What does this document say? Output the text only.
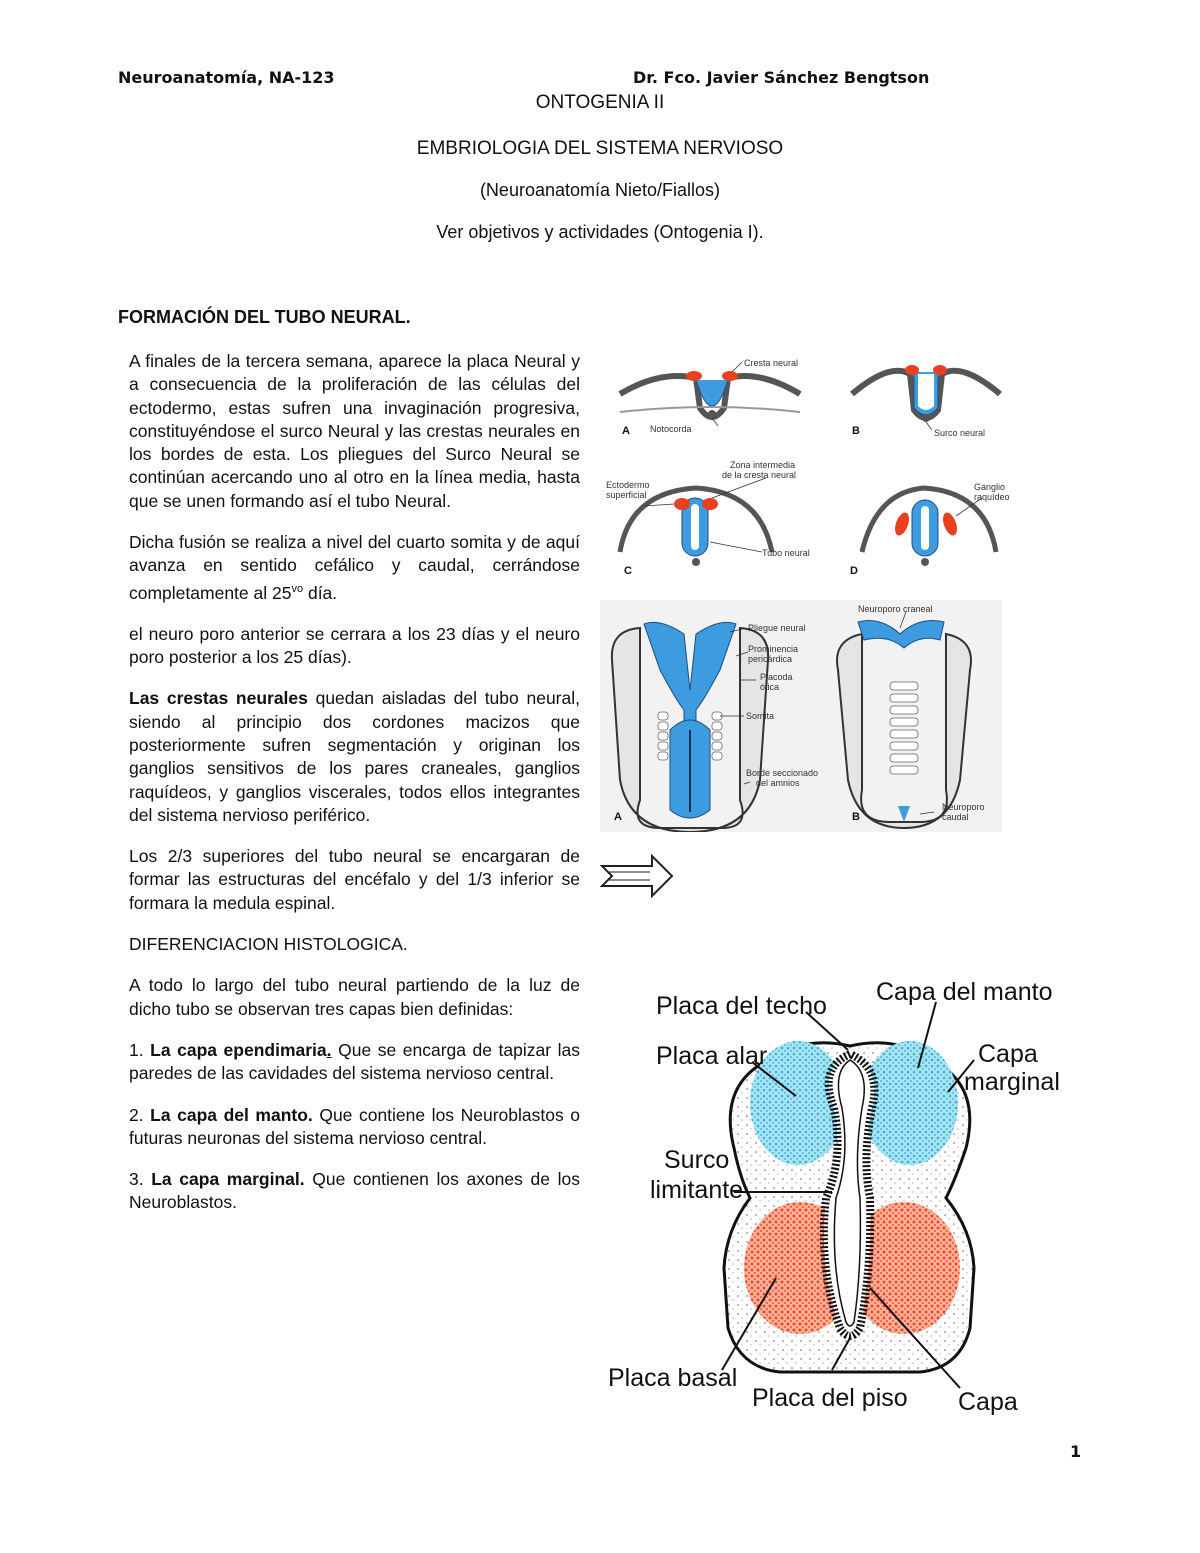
Neuroanatomía, NA-123	Dr. Fco. Javier Sánchez Bengtson
ONTOGENIA II
EMBRIOLOGIA DEL SISTEMA NERVIOSO
(Neuroanatomía Nieto/Fiallos)
Ver objetivos y actividades (Ontogenia I).
FORMACIÓN DEL TUBO NEURAL.

A finales de la tercera semana, aparece la placa Neural y a consecuencia de la proliferación de las células del ectodermo, estas sufren una invaginación progresiva, constituyéndose el surco Neural y las crestas neurales en los bordes de esta. Los pliegues del Surco Neural se continúan acercando uno al otro en la línea media, hasta que se unen formando así el tubo Neural.

Dicha fusión se realiza a nivel del cuarto somita y de aquí avanza en sentido cefálico y caudal, cerrándose completamente al $25^{vo}$ día.

el neuro poro anterior se cerrara a los 23 días y el neuro poro posterior a los 25 días).

Las crestas neurales quedan aisladas del tubo neural, siendo al principio dos cordones macizos que posteriormente sufren segmentación y originan los ganglios sensitivos de los pares craneales, ganglios raquídeos, y ganglios viscerales, todos ellos integrantes del sistema nervioso periférico.

Los 2/3 superiores del tubo neural se encargaran de formar las estructuras del encéfalo y del 1/3 inferior se formara la medula espinal.

DIFERENCIACION HISTOLOGICA.

A todo lo largo del tubo neural partiendo de la luz de dicho tubo se observan tres capas bien definidas:

1. La capa ependimaria. Que se encarga de tapizar las paredes de las cavidades del sistema nervioso central.

2. La capa del manto. Que contiene los Neuroblastos o futuras neuronas del sistema nervioso central.

3. La capa marginal. Que contienen los axones de los Neuroblastos.

Cresta neural
Notocorda	Surco neural
Zona intermedia
de la cresta neural
Ectodermo
superficial
Ganglio
raquídeo
Tubo neural
A	B
C	D
Pliegue neural
Prominencia
pericárdica
Placoda
ótica
Somita
Borde seccionado
del amnios
Neuroporo craneal
Neuroporo
caudal
A	B
Placa del techo Capa del manto
Placa alar	Capa
marginal
Surco
limitante
Placa basal
Placa del piso Capa
1
